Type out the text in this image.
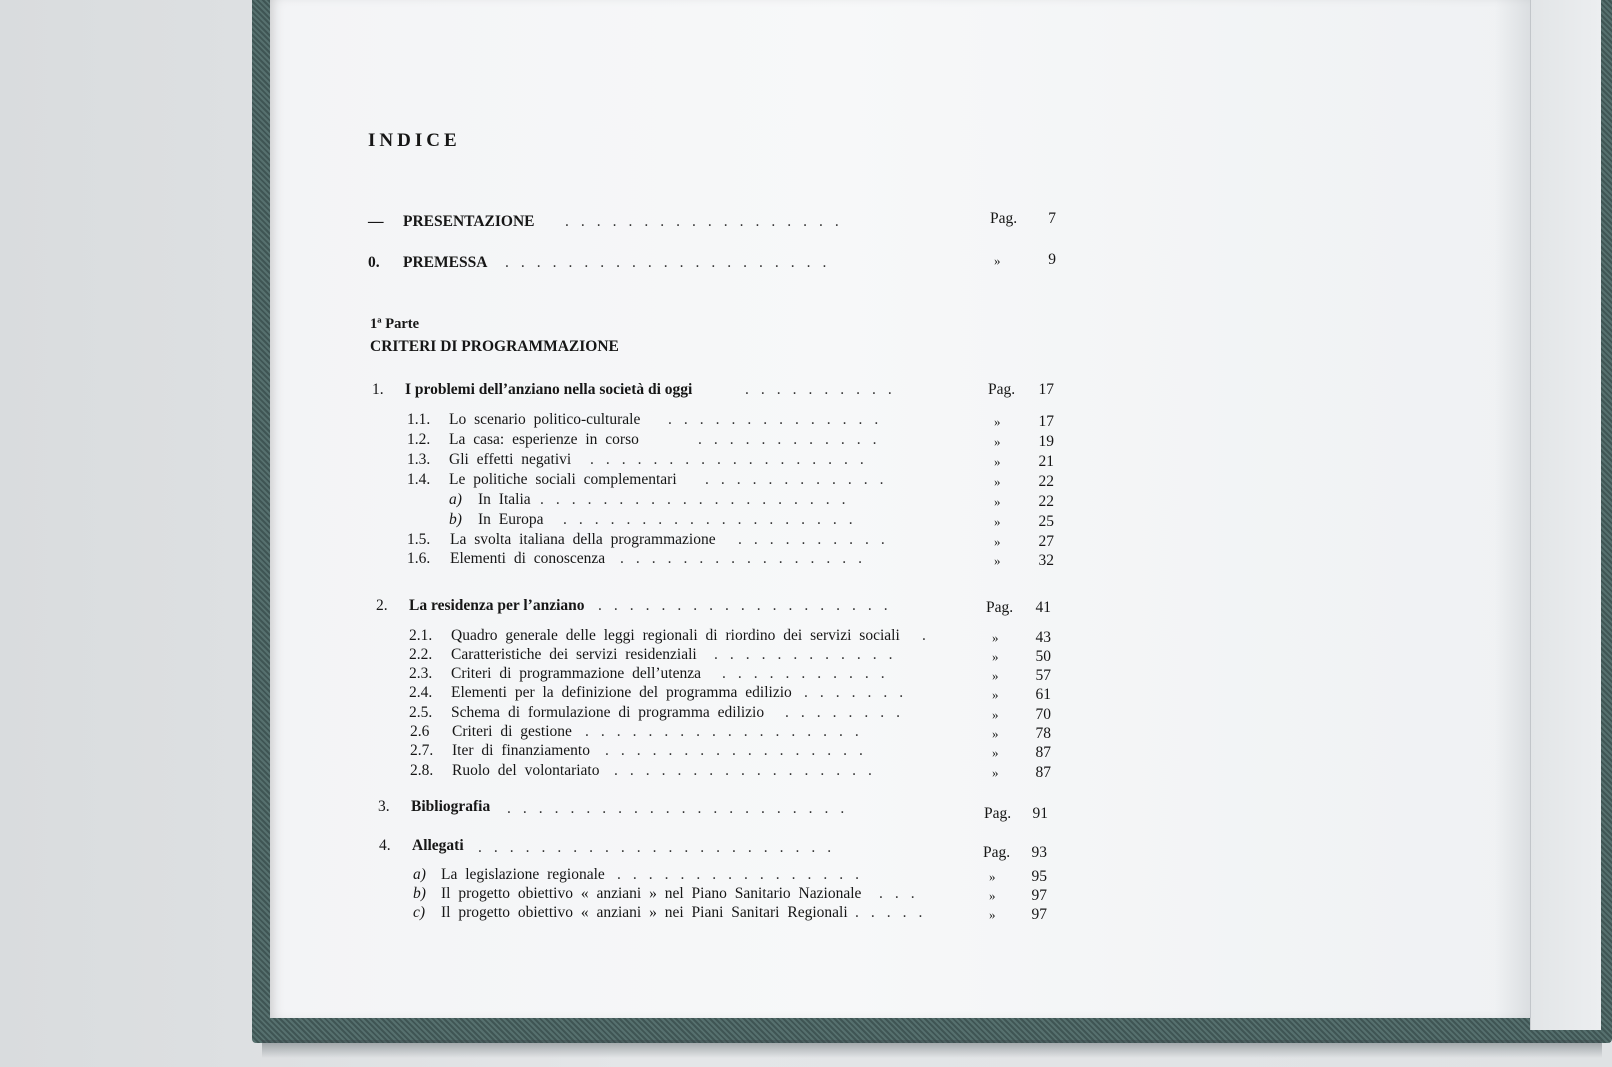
INDICE
— PRESENTAZIONE ..................	Pag.	7
0. PREMESSA .....................	»	9
1ª Parte
CRITERI DI PROGRAMMAZIONE
1. I problemi dell’anziano nella società di oggi	..........	Pag.	17
1.1. Lo scenario politico-culturale ..............	»	17
1.2. La casa: esperienze in corso	............	»	19
1.3. Gli effetti negativi ..................	»	21
1.4. Le politiche sociali complementari ............	»	22
a) In Italia ....................	»	22
b) In Europa ...................	»	25
1.5. La svolta italiana della programmazione ..........	»	27
1.6. Elementi di conoscenza ................	»	32
2. La residenza per l’anziano ...................	Pag.	41
2.1. Quadro generale delle leggi regionali di riordino dei servizi sociali .	»	43
2.2. Caratteristiche dei servizi residenziali ............	»	50
2.3. Criteri di programmazione dell’utenza ...........	»	57
2.4. Elementi per la definizione del programma edilizio .......	»	61
2.5. Schema di formulazione di programma edilizio ........	»	70
2.6 Criteri di gestione ..................	»	78
2.7. Iter di finanziamento .................	»	87
2.8. Ruolo del volontariato .................	»	87
3. Bibliografia ......................	Pag.	91
4. Allegati .......................	Pag.	93
a) La legislazione regionale ................	»	95
b) Il progetto obiettivo « anziani » nel Piano Sanitario Nazionale ...	»	97
c) Il progetto obiettivo « anziani » nei Piani Sanitari Regionali .....	»	97
